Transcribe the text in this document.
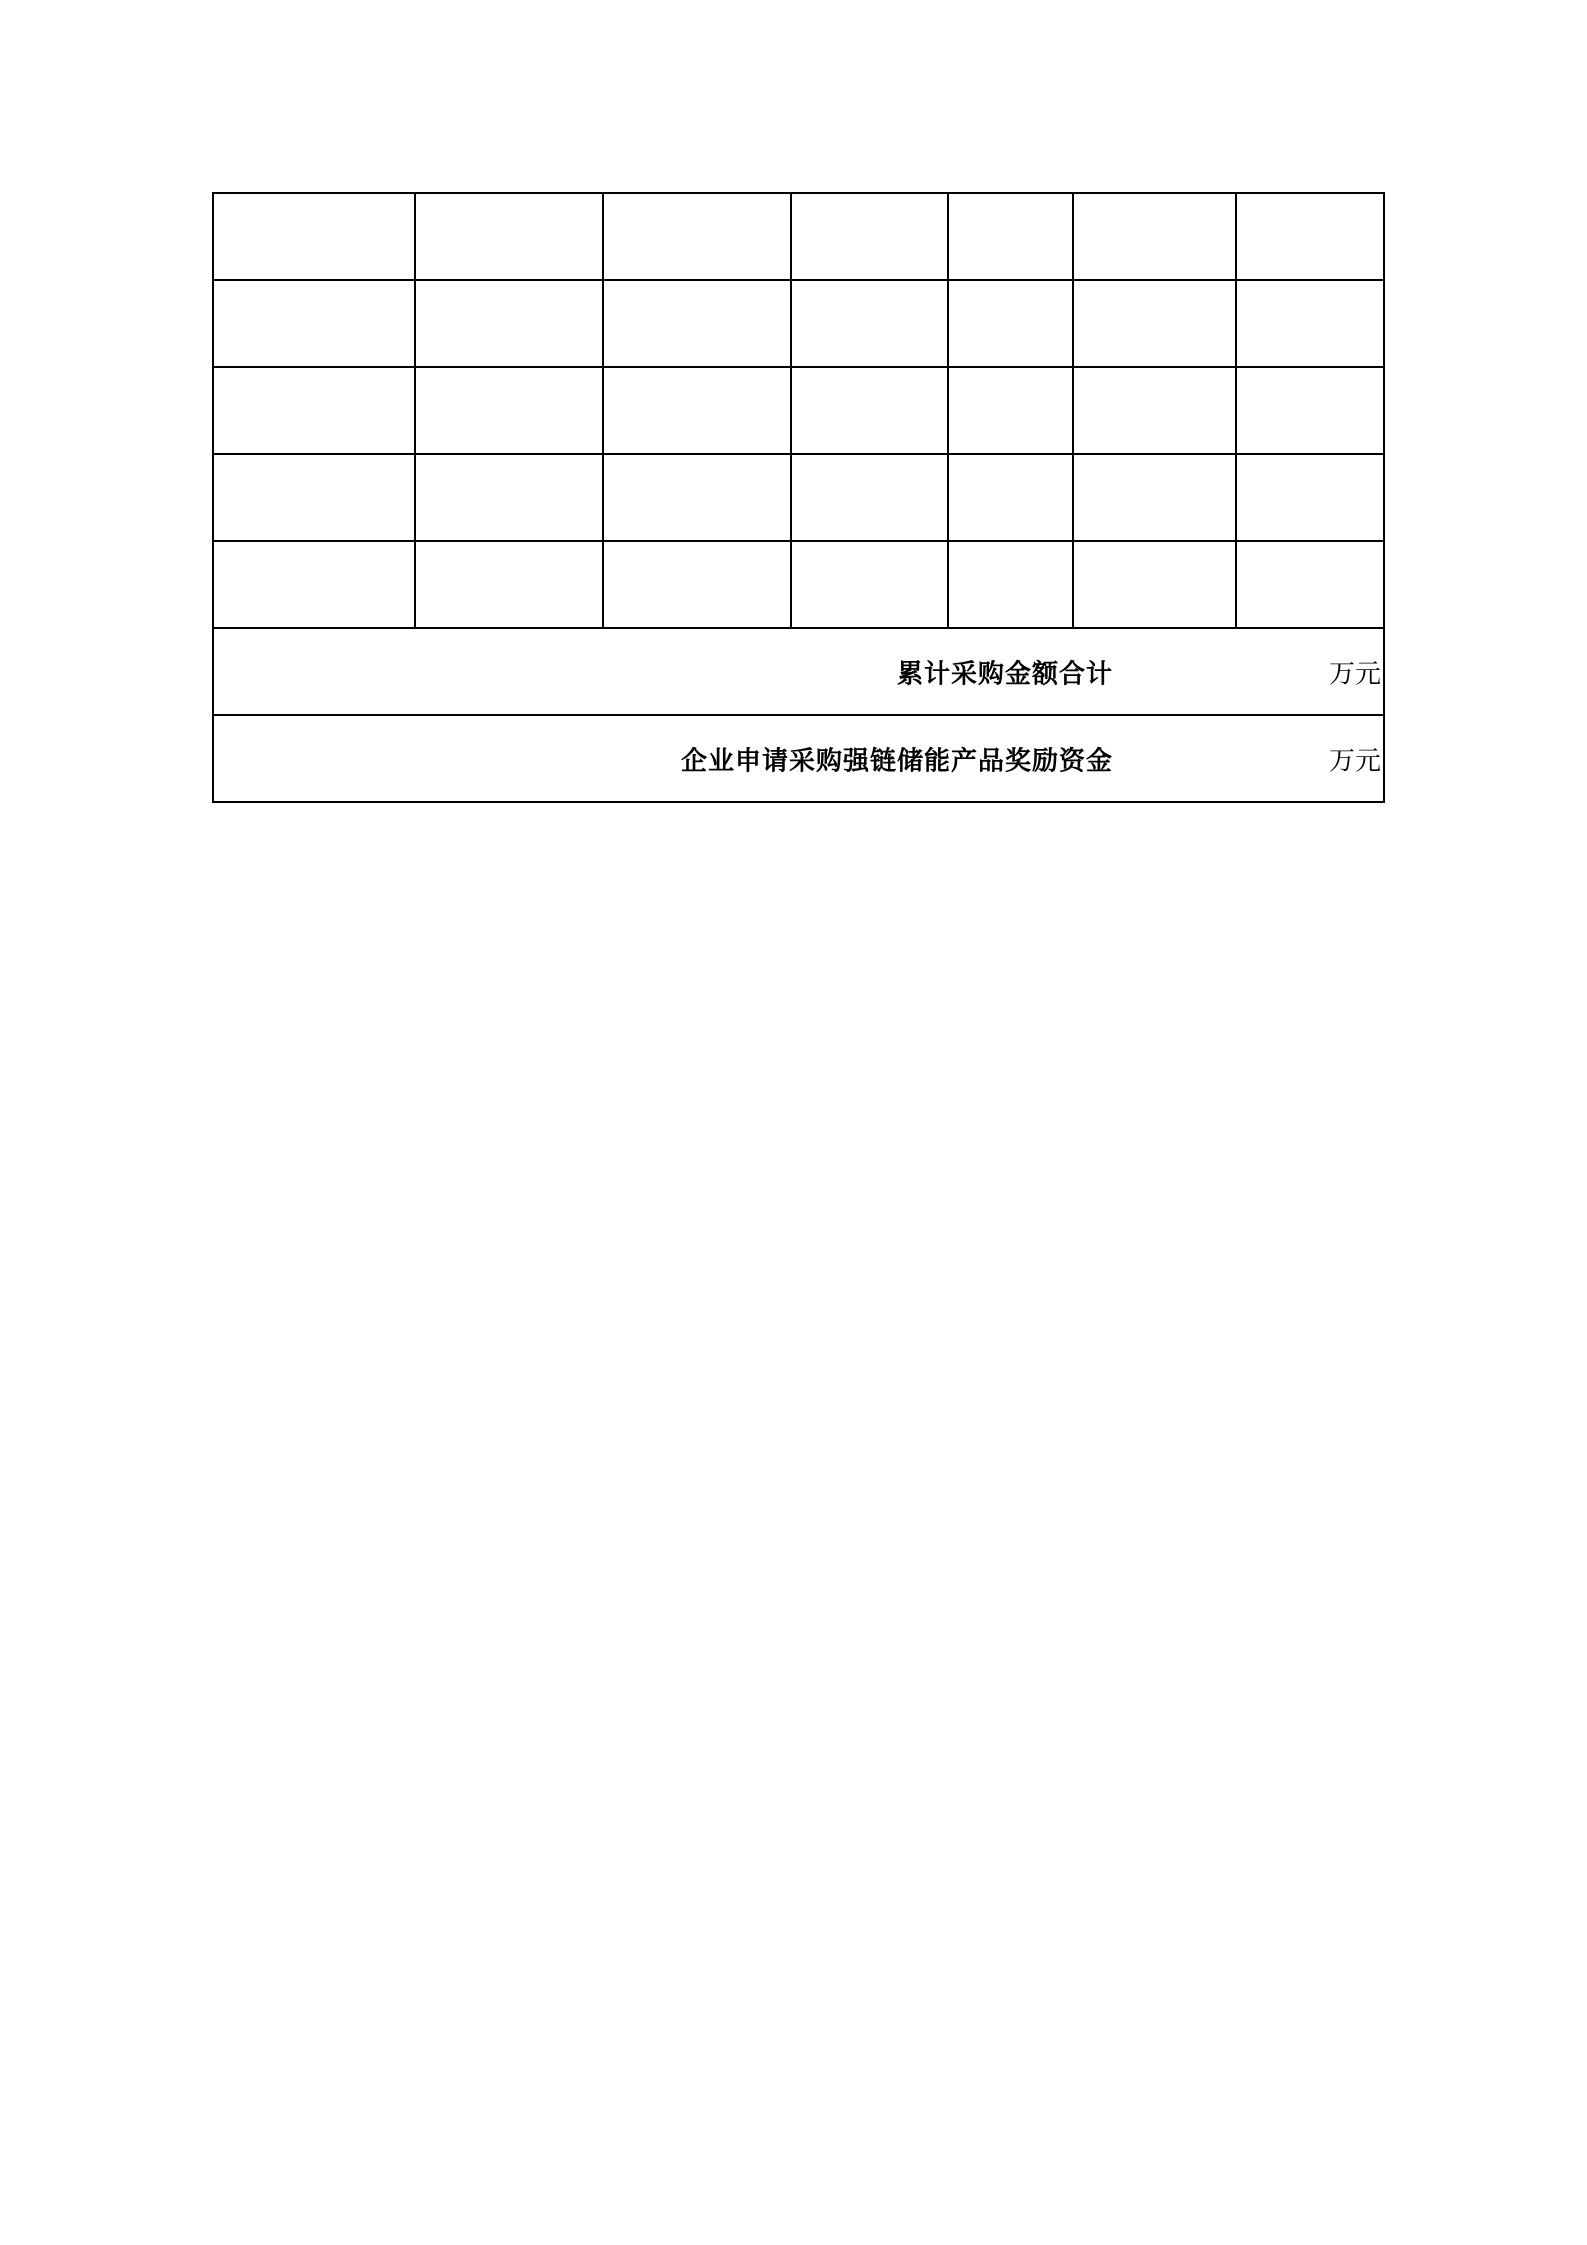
累计采购金额合计 万元						

企业申请采购强链储能产品奖励资金 万元						
